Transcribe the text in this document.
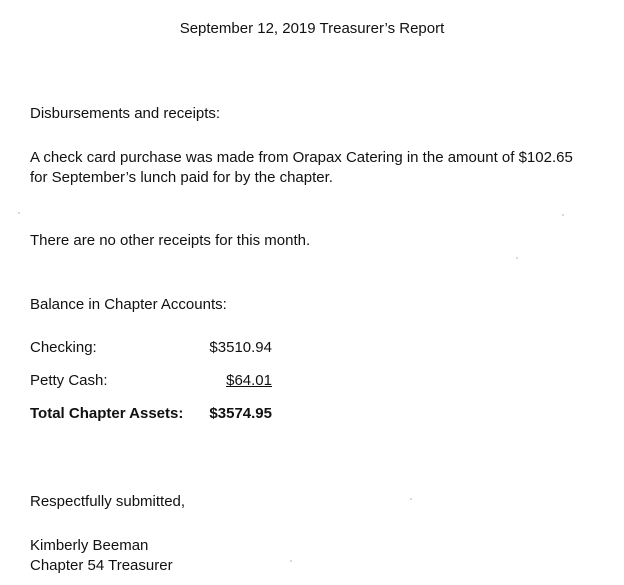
September 12, 2019 Treasurer’s Report
Disbursements and receipts:
A check card purchase was made from Orapax Catering in the amount of $102.65
for September’s lunch paid for by the chapter.
There are no other receipts for this month.
Balance in Chapter Accounts:
Checking:	$3510.94
Petty Cash:	$64.01
Total Chapter Assets: $3574.95
Respectfully submitted,
Kimberly Beeman
Chapter 54 Treasurer
